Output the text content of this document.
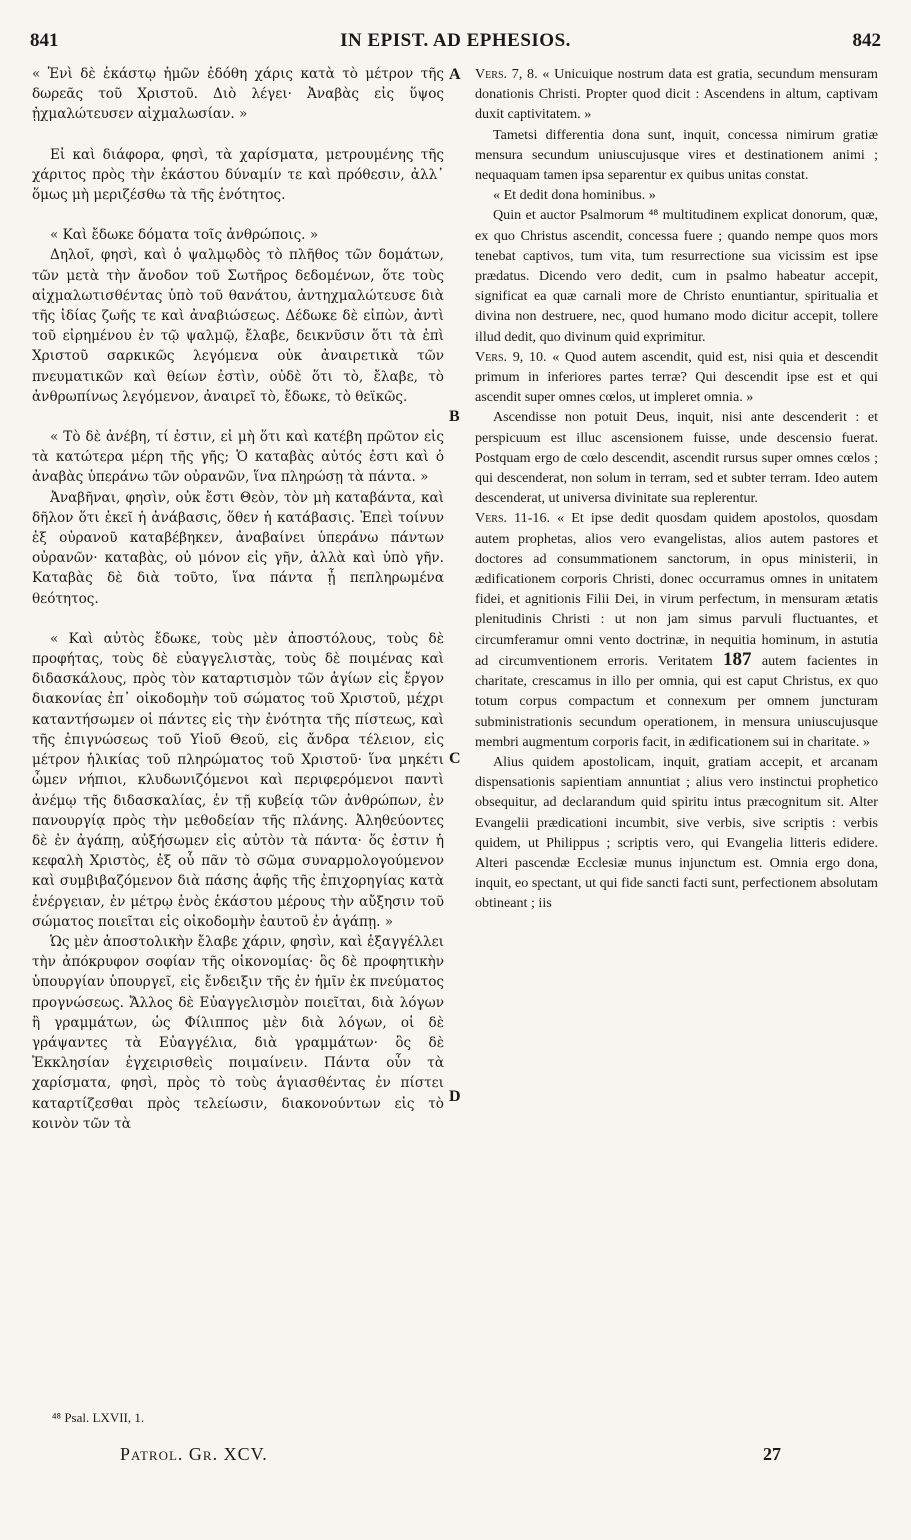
841	IN EPIST. AD EPHESIOS.	842
A
B
C
D

« Ἑνὶ δὲ ἑκάστῳ ἡμῶν ἐδόθη χάρις κατὰ τὸ μέτρον τῆς δωρεᾶς τοῦ Χριστοῦ. Διὸ λέγει· Ἀναβὰς εἰς ὕψος ᾐχμαλώτευσεν αἰχμαλωσίαν. »

Εἰ καὶ διάφορα, φησὶ, τὰ χαρίσματα, μετρουμένης τῆς χάριτος πρὸς τὴν ἑκάστου δύναμίν τε καὶ πρόθεσιν, ἀλλ᾽ ὅμως μὴ μεριζέσθω τὰ τῆς ἑνότητος.

« Καὶ ἔδωκε δόματα τοῖς ἀνθρώποις. »

Δηλοῖ, φησὶ, καὶ ὁ ψαλμῳδὸς τὸ πλῆθος τῶν δομάτων, τῶν μετὰ τὴν ἄνοδον τοῦ Σωτῆρος δεδομένων, ὅτε τοὺς αἰχμαλωτισθέντας ὑπὸ τοῦ θανάτου, ἀντηχμαλώτευσε διὰ τῆς ἰδίας ζωῆς τε καὶ ἀναβιώσεως. Δέδωκε δὲ εἰπὼν, ἀντὶ τοῦ εἰρημένου ἐν τῷ ψαλμῷ, ἔλαβε, δεικνῦσιν ὅτι τὰ ἐπὶ Χριστοῦ σαρκικῶς λεγόμενα οὐκ ἀναιρετικὰ τῶν πνευματικῶν καὶ θείων ἐστὶν, οὐδὲ ὅτι τὸ, ἔλαβε, τὸ ἀνθρωπίνως λεγόμενον, ἀναιρεῖ τὸ, ἔδωκε, τὸ θεϊκῶς.

« Τὸ δὲ ἀνέβη, τί ἐστιν, εἰ μὴ ὅτι καὶ κατέβη πρῶτον εἰς τὰ κατώτερα μέρη τῆς γῆς; Ὁ καταβὰς αὐτός ἐστι καὶ ὁ ἀναβὰς ὑπεράνω τῶν οὐρανῶν, ἵνα πληρώσῃ τὰ πάντα. »

Ἀναβῆναι, φησὶν, οὐκ ἔστι Θεὸν, τὸν μὴ καταβάντα, καὶ δῆλον ὅτι ἐκεῖ ἡ ἀνάβασις, ὅθεν ἡ κατάβασις. Ἐπεὶ τοίνυν ἐξ οὐρανοῦ καταβέβηκεν, ἀναβαίνει ὑπεράνω πάντων οὐρανῶν· καταβὰς, οὐ μόνον εἰς γῆν, ἀλλὰ καὶ ὑπὸ γῆν. Καταβὰς δὲ διὰ τοῦτο, ἵνα πάντα ᾖ πεπληρωμένα θεότητος.

« Καὶ αὐτὸς ἔδωκε, τοὺς μὲν ἀποστόλους, τοὺς δὲ προφήτας, τοὺς δὲ εὐαγγελιστὰς, τοὺς δὲ ποιμένας καὶ διδασκάλους, πρὸς τὸν καταρτισμὸν τῶν ἁγίων εἰς ἔργον διακονίας ἐπ᾽ οἰκοδομὴν τοῦ σώματος τοῦ Χριστοῦ, μέχρι καταντήσωμεν οἱ πάντες εἰς τὴν ἑνότητα τῆς πίστεως, καὶ τῆς ἐπιγνώσεως τοῦ Υἱοῦ Θεοῦ, εἰς ἄνδρα τέλειον, εἰς μέτρον ἡλικίας τοῦ πληρώματος τοῦ Χριστοῦ· ἵνα μηκέτι ὦμεν νήπιοι, κλυδωνιζόμενοι καὶ περιφερόμενοι παντὶ ἀνέμῳ τῆς διδασκαλίας, ἐν τῇ κυβείᾳ τῶν ἀνθρώπων, ἐν πανουργίᾳ πρὸς τὴν μεθοδείαν τῆς πλάνης. Ἀληθεύοντες δὲ ἐν ἀγάπῃ, αὐξήσωμεν εἰς αὐτὸν τὰ πάντα· ὅς ἐστιν ἡ κεφαλὴ Χριστὸς, ἐξ οὗ πᾶν τὸ σῶμα συναρμολογούμενον καὶ συμβιβαζόμενον διὰ πάσης ἁφῆς τῆς ἐπιχορηγίας κατὰ ἐνέργειαν, ἐν μέτρῳ ἑνὸς ἑκάστου μέρους τὴν αὔξησιν τοῦ σώματος ποιεῖται εἰς οἰκοδομὴν ἑαυτοῦ ἐν ἀγάπῃ. »

Ὡς μὲν ἀποστολικὴν ἔλαβε χάριν, φησὶν, καὶ ἐξαγγέλλει τὴν ἀπόκρυφον σοφίαν τῆς οἰκονομίας· ὃς δὲ προφητικὴν ὑπουργίαν ὑπουργεῖ, εἰς ἔνδειξιν τῆς ἐν ἡμῖν ἐκ πνεύματος προγνώσεως. Ἄλλος δὲ Εὐαγγελισμὸν ποιεῖται, διὰ λόγων ἢ γραμμάτων, ὡς Φίλιππος μὲν διὰ λόγων, οἱ δὲ γράψαντες τὰ Εὐαγγέλια, διὰ γραμμάτων· ὃς δὲ Ἐκκλησίαν ἐγχειρισθεὶς ποιμαίνειν. Πάντα οὖν τὰ χαρίσματα, φησὶ, πρὸς τὸ τοὺς ἁγιασθέντας ἐν πίστει καταρτίζεσθαι πρὸς τελείωσιν, διακονούντων εἰς τὸ κοινὸν τῶν τὰ

Vers. 7, 8. « Unicuique nostrum data est gratia, secundum mensuram donationis Christi. Propter quod dicit : Ascendens in altum, captivam duxit captivitatem. »

Tametsi differentia dona sunt, inquit, concessa nimirum gratiæ mensura secundum uniuscujusque vires et destinationem animi ; nequaquam tamen ipsa separentur ex quibus unitas constat.

« Et dedit dona hominibus. »

Quin et auctor Psalmorum ⁴⁸ multitudinem explicat donorum, quæ, ex quo Christus ascendit, concessa fuere ; quando nempe quos mors tenebat captivos, tum vita, tum resurrectione sua vicissim est ipse prædatus. Dicendo vero dedit, cum in psalmo habeatur accepit, significat ea quæ carnali more de Christo enuntiantur, spiritualia et divina non destruere, nec, quod humano modo dicitur accepit, tollere illud dedit, quo divinum quid exprimitur.

Vers. 9, 10. « Quod autem ascendit, quid est, nisi quia et descendit primum in inferiores partes terræ? Qui descendit ipse est et qui ascendit super omnes cœlos, ut impleret omnia. »

Ascendisse non potuit Deus, inquit, nisi ante descenderit : et perspicuum est illuc ascensionem fuisse, unde descensio fuerat. Postquam ergo de cœlo descendit, ascendit rursus super omnes cœlos ; qui descenderat, non solum in terram, sed et subter terram. Ideo autem descenderat, ut universa divinitate sua replerentur.

Vers. 11-16. « Et ipse dedit quosdam quidem apostolos, quosdam autem prophetas, alios vero evangelistas, alios autem pastores et doctores ad consummationem sanctorum, in opus ministerii, in ædificationem corporis Christi, donec occurramus omnes in unitatem fidei, et agnitionis Filii Dei, in virum perfectum, in mensuram ætatis plenitudinis Christi : ut non jam simus parvuli fluctuantes, et circumferamur omni vento doctrinæ, in nequitia hominum, in astutia ad circumventionem erroris. Veritatem 187 autem facientes in charitate, crescamus in illo per omnia, qui est caput Christus, ex quo totum corpus compactum et connexum per omnem juncturam subministrationis secundum operationem, in mensura uniuscujusque membri augmentum corporis facit, in ædificationem sui in charitate. »

Alius quidem apostolicam, inquit, gratiam accepit, et arcanam dispensationis sapientiam annuntiat ; alius vero instinctui prophetico obsequitur, ad declarandum quid spiritu intus præcognitum sit. Alter Evangelii prædicationi incumbit, sive verbis, sive scriptis : verbis quidem, ut Philippus ; scriptis vero, qui Evangelia litteris edidere. Alteri pascendæ Ecclesiæ munus injunctum est. Omnia ergo dona, inquit, eo spectant, ut qui fide sancti facti sunt, perfectionem absolutam obtineant ; iis

⁴⁸ Psal. LXVII, 1.
Patrol. Gr. XCV.	27
